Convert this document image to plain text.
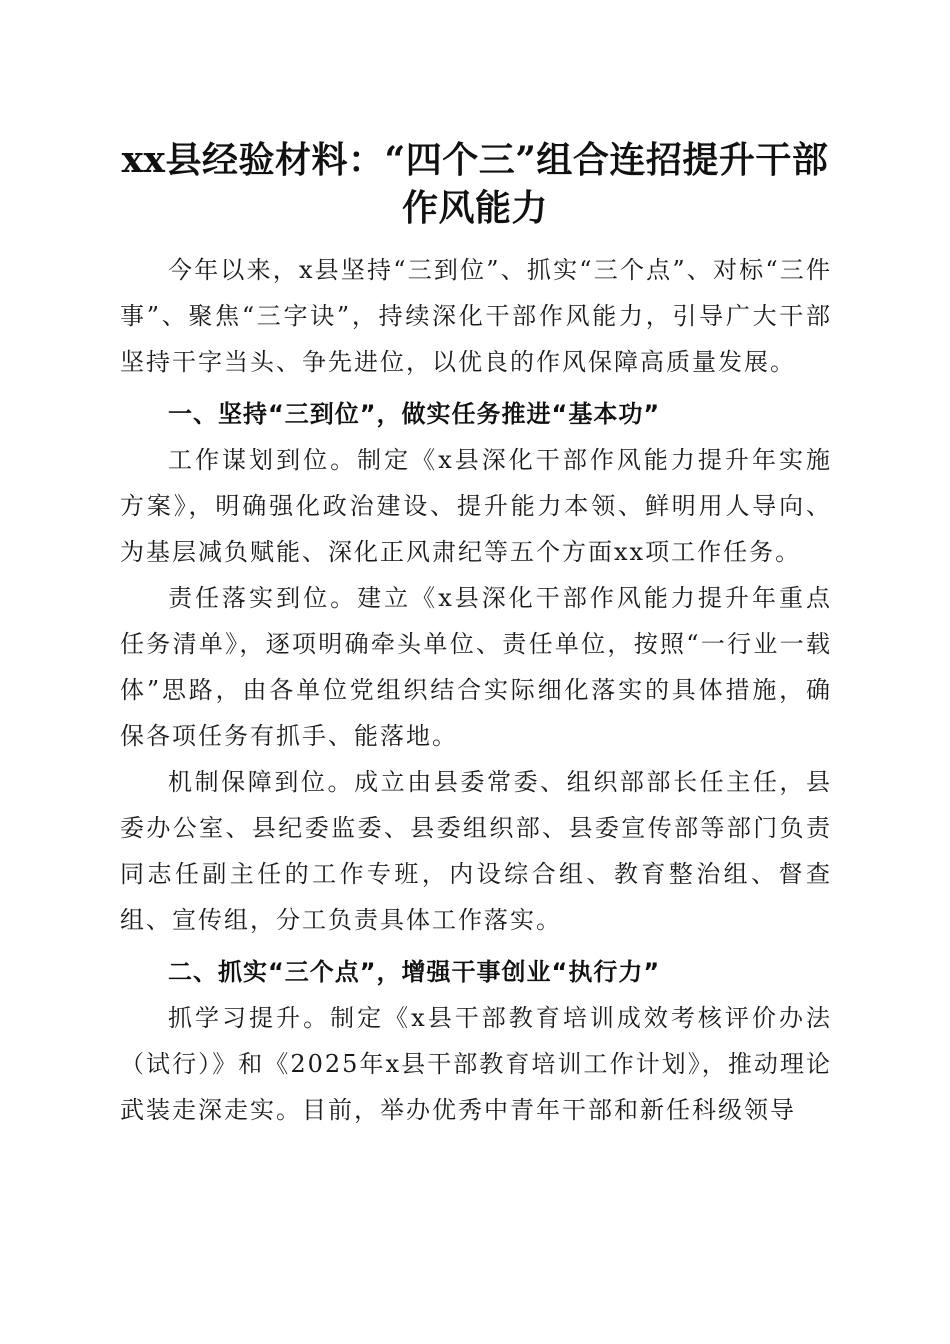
xx县经验材料：“四个三”组合连招提升干部作风能力

今年以来，x县坚持“三到位”、抓实“三个点”、对标“三件事”、聚焦“三字诀”，持续深化干部作风能力，引导广大干部坚持干字当头、争先进位，以优良的作风保障高质量发展。

一、坚持“三到位”，做实任务推进“基本功”

工作谋划到位。制定《x县深化干部作风能力提升年实施方案》，明确强化政治建设、提升能力本领、鲜明用人导向、为基层减负赋能、深化正风肃纪等五个方面xx项工作任务。

责任落实到位。建立《x县深化干部作风能力提升年重点任务清单》，逐项明确牵头单位、责任单位，按照“一行业一载体”思路，由各单位党组织结合实际细化落实的具体措施，确保各项任务有抓手、能落地。

机制保障到位。成立由县委常委、组织部部长任主任，县委办公室、县纪委监委、县委组织部、县委宣传部等部门负责同志任副主任的工作专班，内设综合组、教育整治组、督查组、宣传组，分工负责具体工作落实。

二、抓实“三个点”，增强干事创业“执行力”

抓学习提升。制定《x县干部教育培训成效考核评价办法（试行）》和《2025年x县干部教育培训工作计划》，推动理论武装走深走实。目前，举办优秀中青年干部和新任科级领导
